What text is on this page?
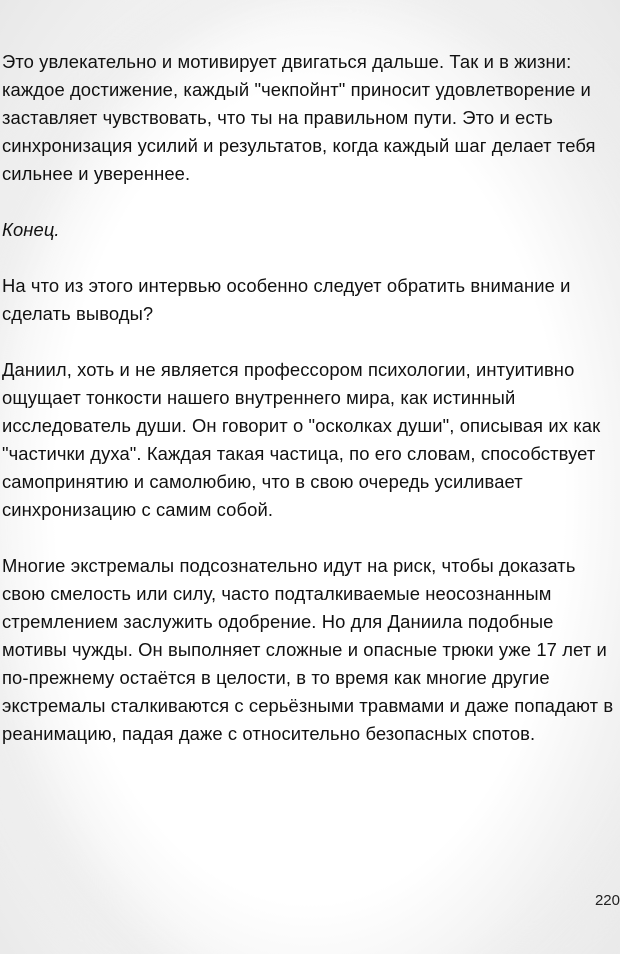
Это увлекательно и мотивирует двигаться дальше. Так и в жизни: каждое достижение, каждый "чекпойнт" приносит удовлетворение и заставляет чувствовать, что ты на правильном пути. Это и есть синхронизация усилий и результатов, когда каждый шаг делает тебя сильнее и увереннее.

Конец.

На что из этого интервью особенно следует обратить внимание и сделать выводы?

Даниил, хоть и не является профессором психологии, интуитивно ощущает тонкости нашего внутреннего мира, как истинный исследователь души. Он говорит о "осколках души", описывая их как "частички духа". Каждая такая частица, по его словам, способствует самопринятию и самолюбию, что в свою очередь усиливает синхронизацию с самим собой.

Многие экстремалы подсознательно идут на риск, чтобы доказать свою смелость или силу, часто подталкиваемые неосознанным стремлением заслужить одобрение. Но для Даниила подобные мотивы чужды. Он выполняет сложные и опасные трюки уже 17 лет и по-прежнему остаётся в целости, в то время как многие другие экстремалы сталкиваются с серьёзными травмами и даже попадают в реанимацию, падая даже с относительно безопасных спотов.

220
